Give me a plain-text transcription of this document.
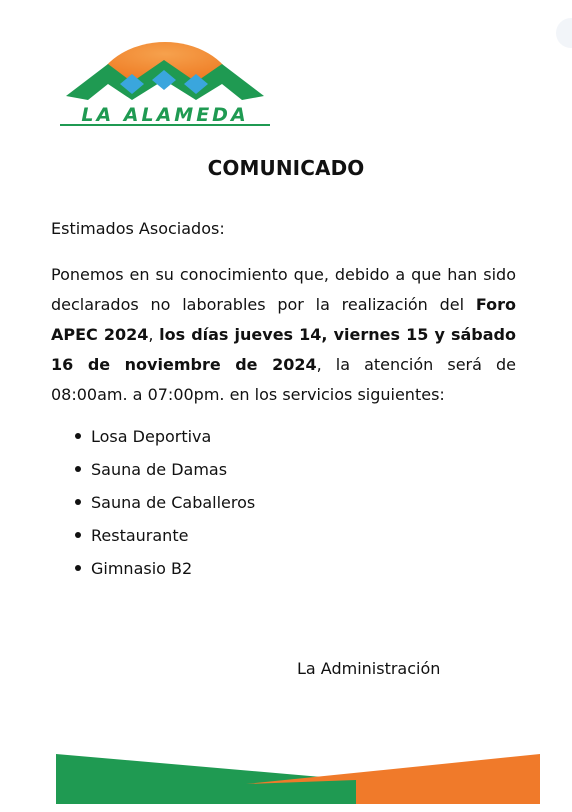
LA ALAMEDA
COMUNICADO

Estimados Asociados:

Ponemos en su conocimiento que, debido a que han sido declarados no laborables por la realización del Foro APEC 2024, los días jueves 14, viernes 15 y sábado 16 de noviembre de 2024, la atención será de 08:00am. a 07:00pm. en los servicios siguientes:

Losa Deportiva
Sauna de Damas
Sauna de Caballeros
Restaurante
Gimnasio B2
La Administración
